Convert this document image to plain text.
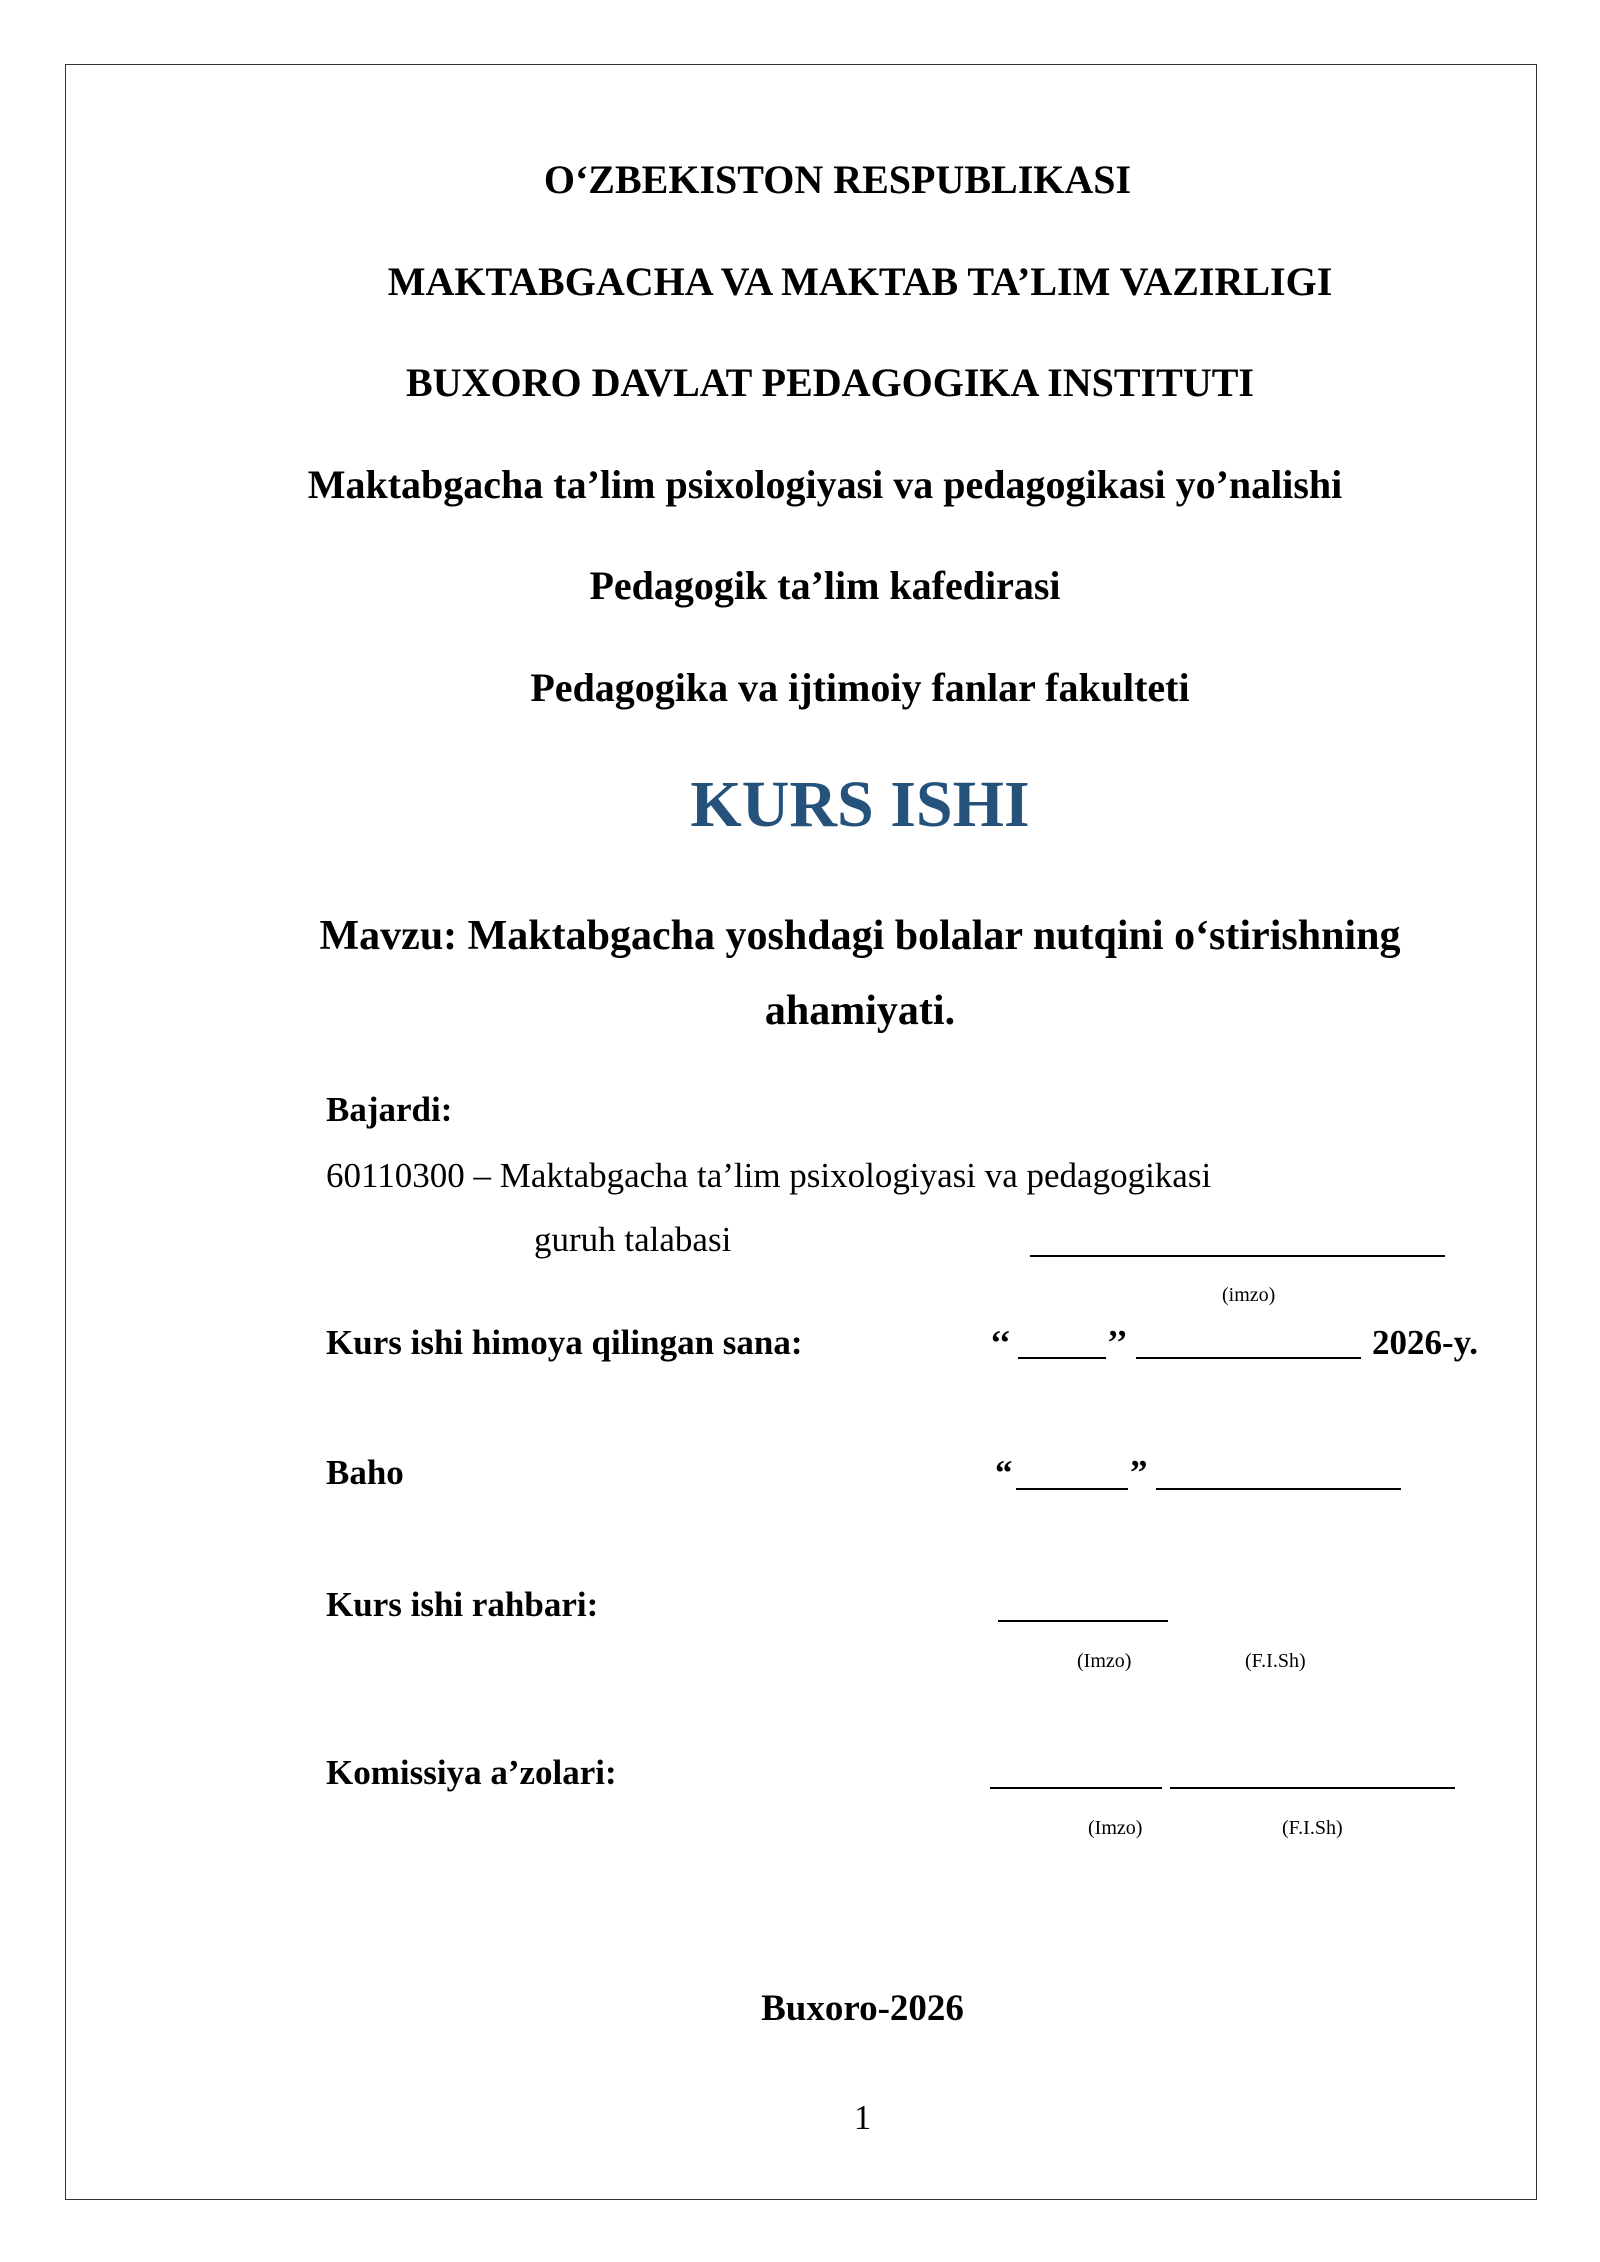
O‘ZBEKISTON RESPUBLIKASI
MAKTABGACHA VA MAKTAB TA’LIM VAZIRLIGI
BUXORO DAVLAT PEDAGOGIKA INSTITUTI
Maktabgacha ta’lim psixologiyasi va pedagogikasi yo’nalishi
Pedagogik ta’lim kafedirasi
Pedagogika va ijtimoiy fanlar fakulteti
KURS ISHI
Mavzu: Maktabgacha yoshdagi bolalar nutqini o‘stirishning
ahamiyati.
Bajardi:
60110300 – Maktabgacha ta’lim psixologiyasi va pedagogikasi
guruh talabasi
(imzo)
Kurs ishi himoya qilingan sana:	‘‘	’’	2026-y.
Baho	“	”
Kurs ishi rahbari:
(Imzo)	(F.I.Sh)
Komissiya a’zolari:
(Imzo)	(F.I.Sh)
Buxoro-2026
1
